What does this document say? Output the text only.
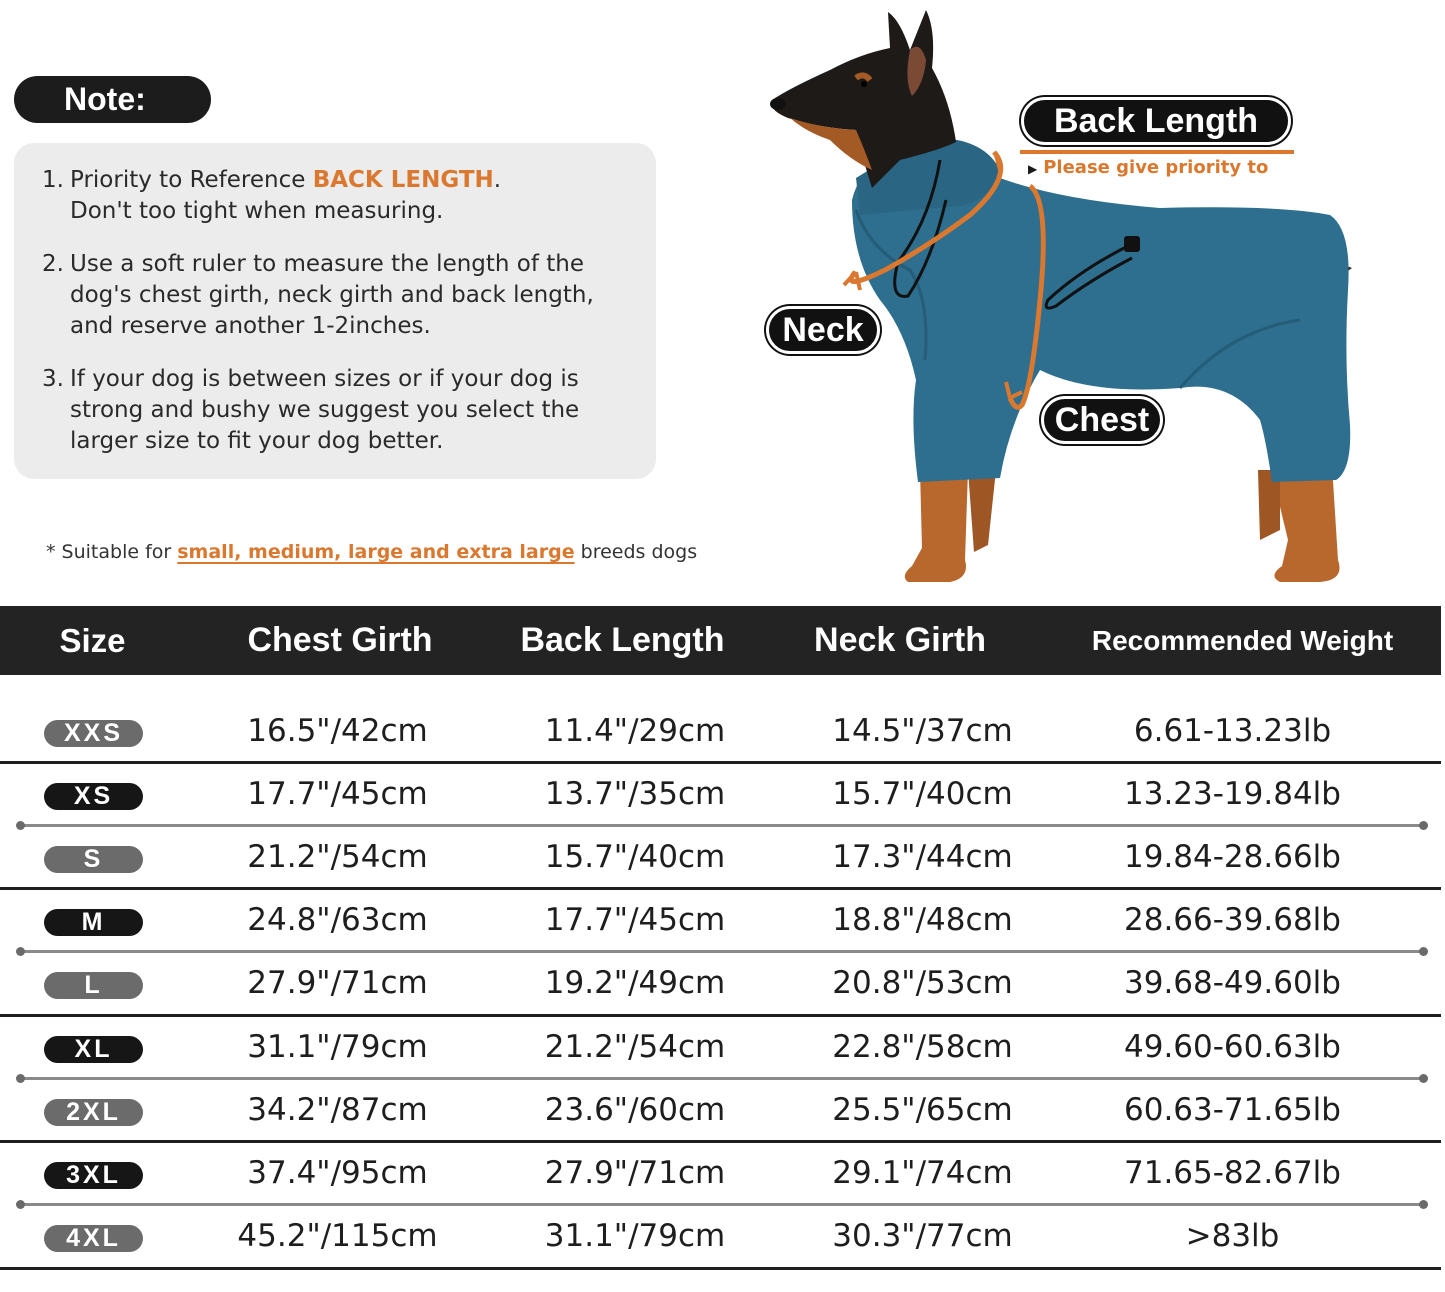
Note:
1. Priority to Reference BACK LENGTH.
Don't too tight when measuring.
2. Use a soft ruler to measure the length of the dog's chest girth, neck girth and back length, and reserve another 1-2inches.
3. If your dog is between sizes or if your dog is strong and bushy we suggest you select the larger size to fit your dog better.
* Suitable for small, medium, large and extra large breeds dogs
Back Length
▶ Please give priority to
Neck
Chest
Size	Chest Girth	Back Length	Neck Girth	Recommended Weight
XXS	16.5"/42cm	11.4"/29cm	14.5"/37cm	6.61-13.23lb
XS	17.7"/45cm	13.7"/35cm	15.7"/40cm	13.23-19.84lb
S	21.2"/54cm	15.7"/40cm	17.3"/44cm	19.84-28.66lb
M	24.8"/63cm	17.7"/45cm	18.8"/48cm	28.66-39.68lb
L	27.9"/71cm	19.2"/49cm	20.8"/53cm	39.68-49.60lb
XL	31.1"/79cm	21.2"/54cm	22.8"/58cm	49.60-60.63lb
2XL	34.2"/87cm	23.6"/60cm	25.5"/65cm	60.63-71.65lb
3XL	37.4"/95cm	27.9"/71cm	29.1"/74cm	71.65-82.67lb
4XL	45.2"/115cm	31.1"/79cm	30.3"/77cm	>83lb
